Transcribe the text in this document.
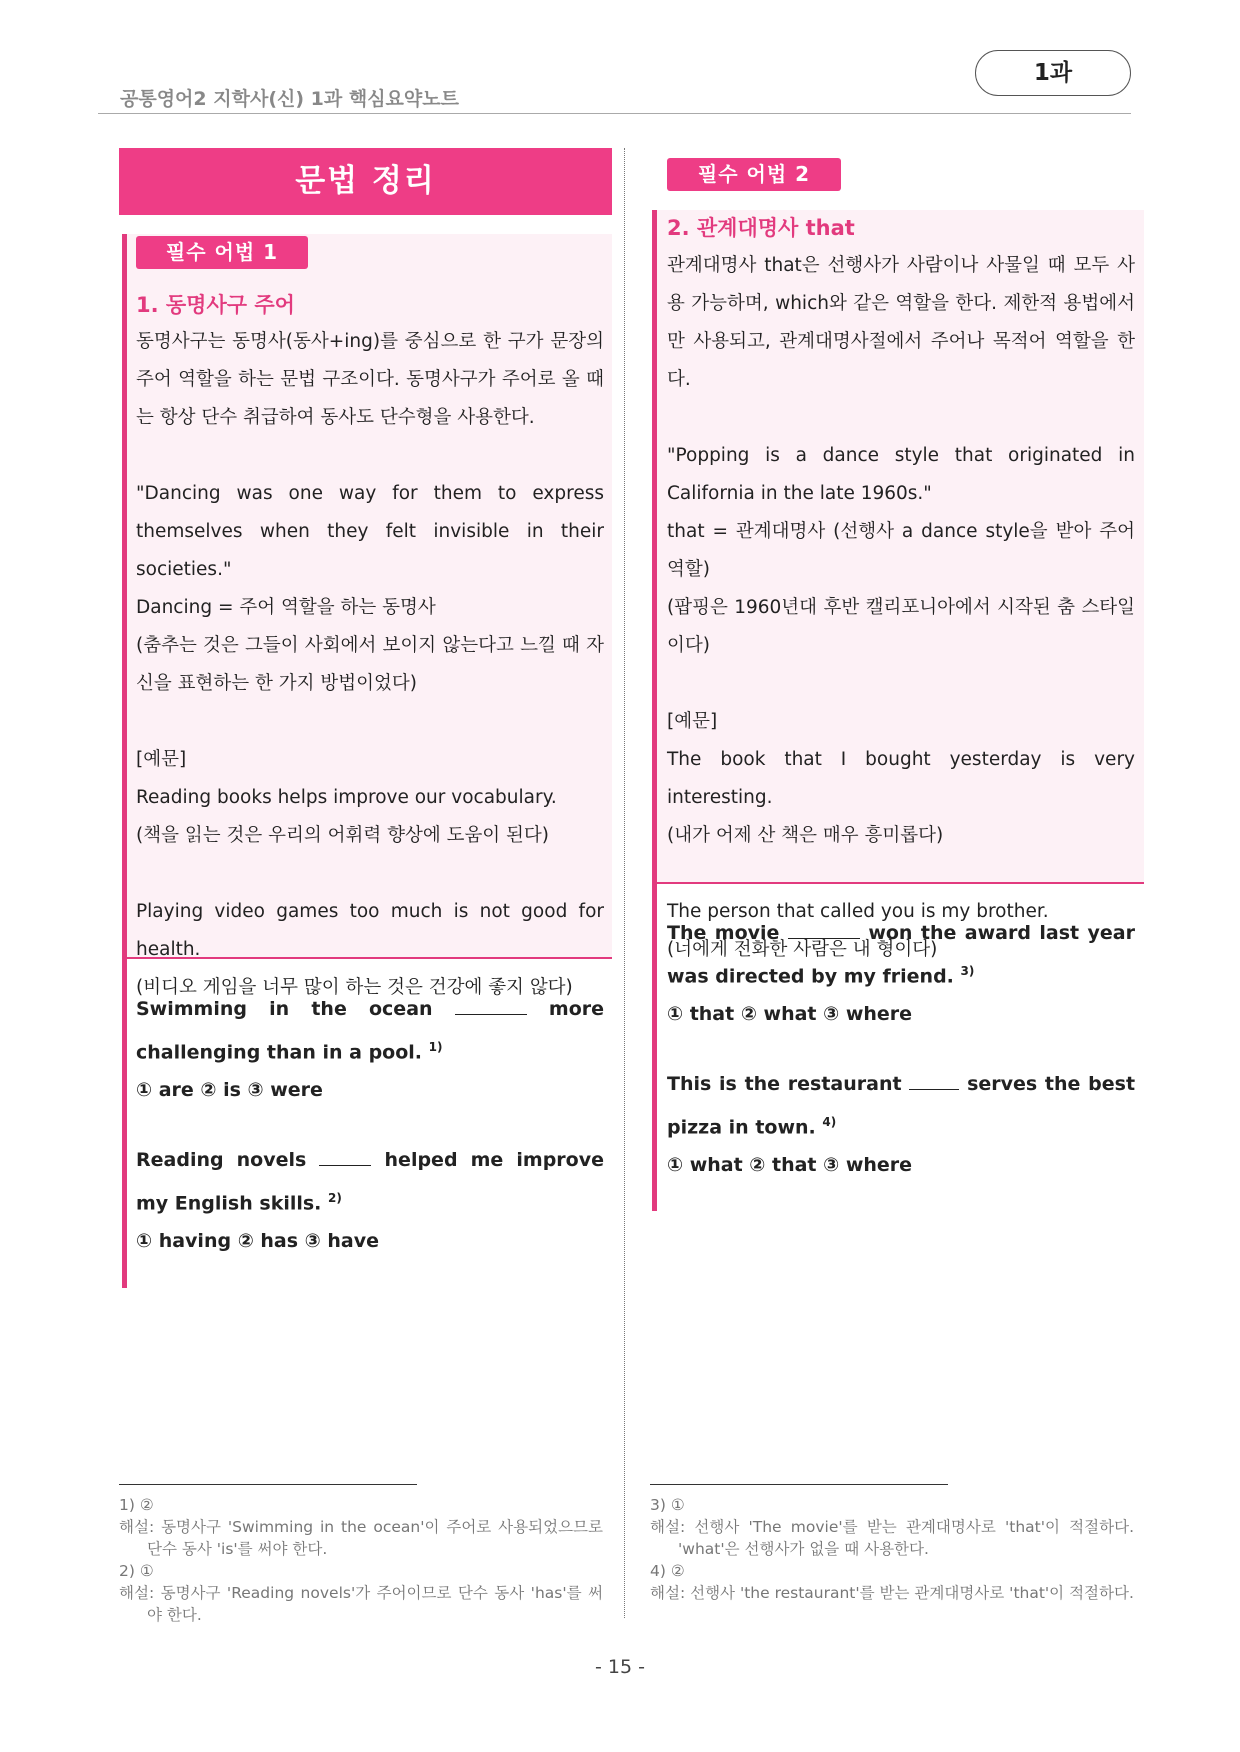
공통영어2 지학사(신) 1과 핵심요약노트
1과
문법 정리
필수 어법 1
1. 동명사구 주어

동명사구는 동명사(동사+ing)를 중심으로 한 구가 문장의 주어 역할을 하는 문법 구조이다. 동명사구가 주어로 올 때는 항상 단수 취급하여 동사도 단수형을 사용한다.

"Dancing was one way for them to express themselves when they felt invisible in their societies."

Dancing = 주어 역할을 하는 동명사

(춤추는 것은 그들이 사회에서 보이지 않는다고 느낄 때 자신을 표현하는 한 가지 방법이었다)

[예문]

Reading books helps improve our vocabulary.

(책을 읽는 것은 우리의 어휘력 향상에 도움이 된다)

Playing video games too much is not good for health.

(비디오 게임을 너무 많이 하는 것은 건강에 좋지 않다)

Swimming in the ocean	more challenging than in a pool. $^{1)}$

① are ② is ③ were

Reading novels	helped me improve my English skills. $^{2)}$

① having ② has ③ have

필수 어법 2
2. 관계대명사 that

관계대명사 that은 선행사가 사람이나 사물일 때 모두 사용 가능하며, which와 같은 역할을 한다. 제한적 용법에서만 사용되고, 관계대명사절에서 주어나 목적어 역할을 한다.

"Popping is a dance style that originated in California in the late 1960s."

that = 관계대명사 (선행사 a dance style을 받아 주어 역할)

(팝핑은 1960년대 후반 캘리포니아에서 시작된 춤 스타일이다)

[예문]

The book that I bought yesterday is very interesting.

(내가 어제 산 책은 매우 흥미롭다)

The person that called you is my brother.

(너에게 전화한 사람은 내 형이다)

The movie	won the award last year was directed by my friend. $^{3)}$

① that ② what ③ where

This is the restaurant	serves the best pizza in town. $^{4)}$

① what ② that ③ where

1) ②

해설: 동명사구 'Swimming in the ocean'이 주어로 사용되었으므로 단수 동사 'is'를 써야 한다.

2) ①

해설: 동명사구 'Reading novels'가 주어이므로 단수 동사 'has'를 써야 한다.

3) ①

해설: 선행사 'The movie'를 받는 관계대명사로 'that'이 적절하다. 'what'은 선행사가 없을 때 사용한다.

4) ②

해설: 선행사 'the restaurant'를 받는 관계대명사로 'that'이 적절하다.

- 15 -
